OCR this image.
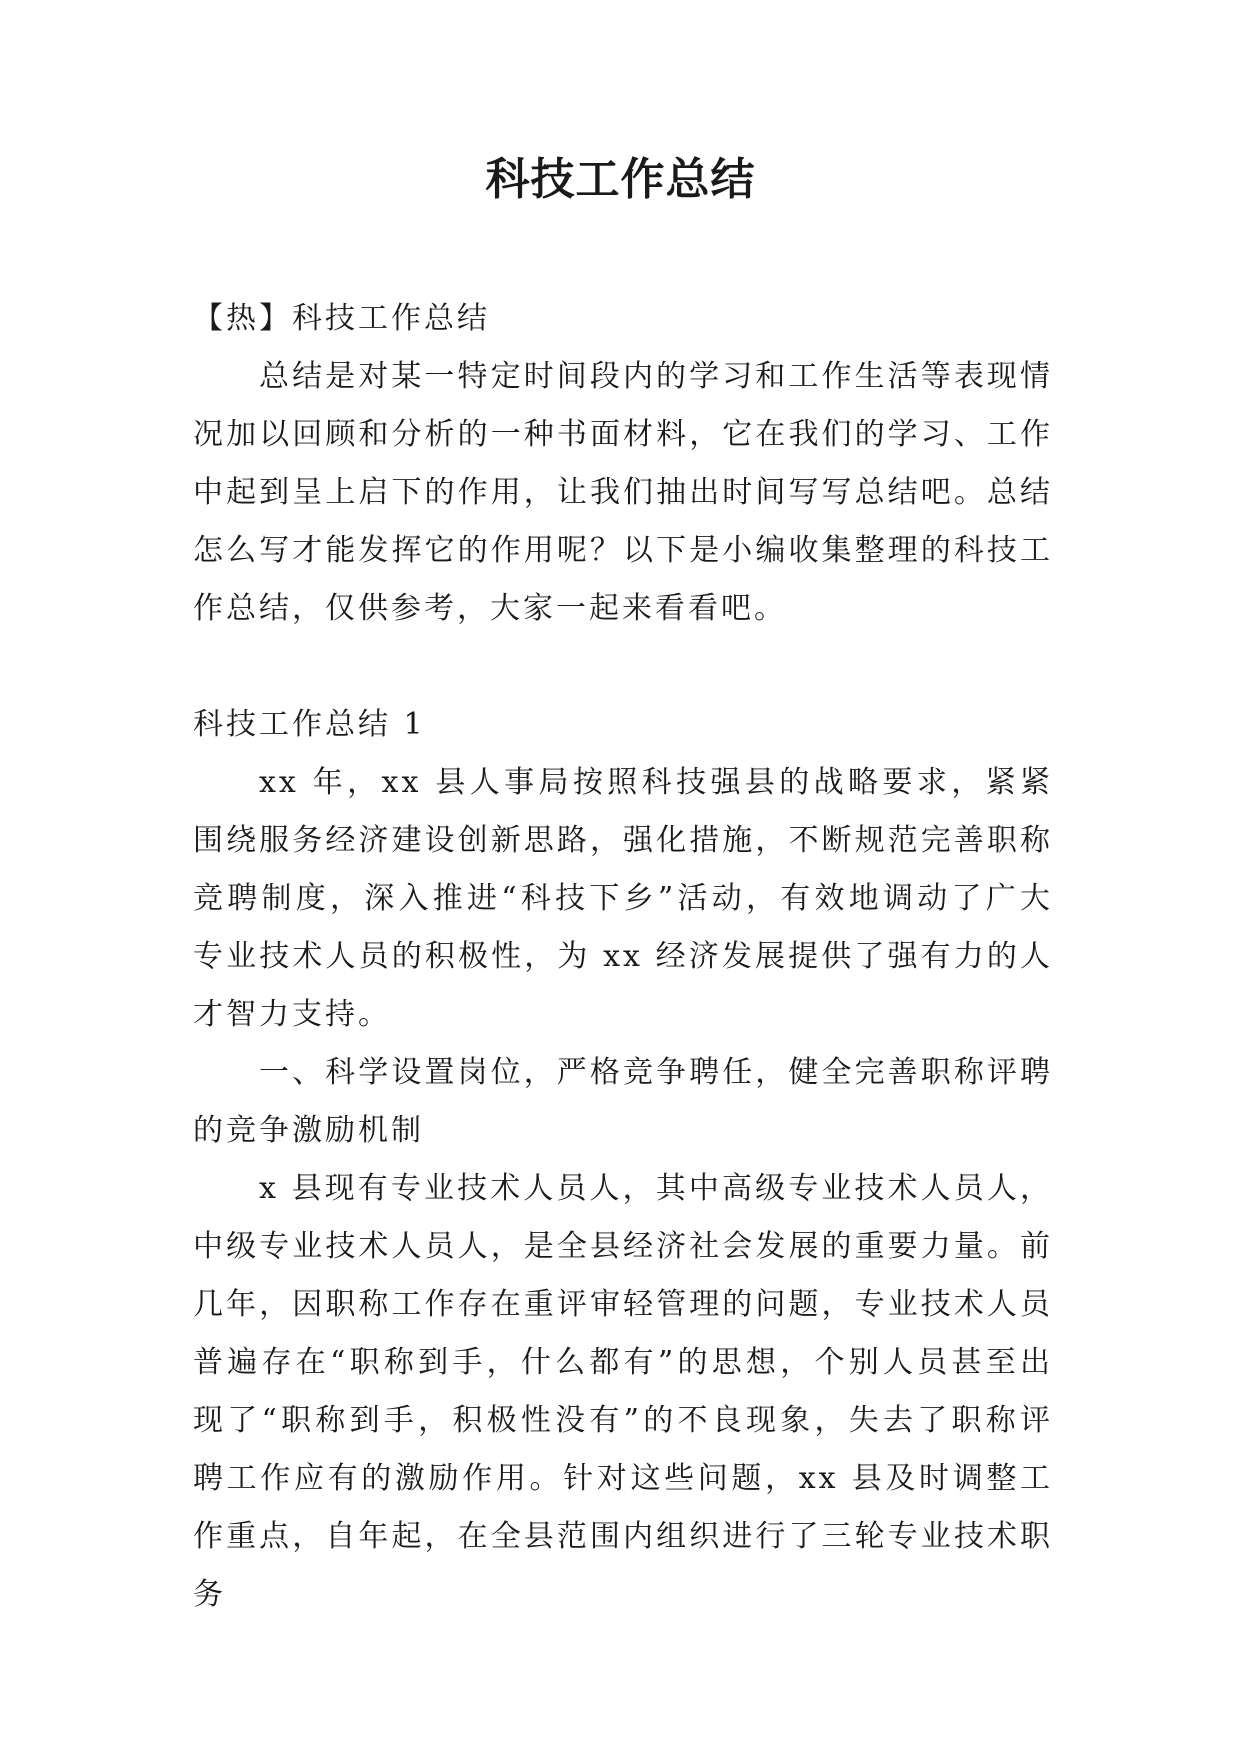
科技工作总结

【热】科技工作总结

总结是对某一特定时间段内的学习和工作生活等表现情况加以回顾和分析的一种书面材料，它在我们的学习、工作中起到呈上启下的作用，让我们抽出时间写写总结吧。总结怎么写才能发挥它的作用呢？以下是小编收集整理的科技工作总结，仅供参考，大家一起来看看吧。

科技工作总结 1

xx 年，xx 县人事局按照科技强县的战略要求，紧紧围绕服务经济建设创新思路，强化措施，不断规范完善职称竞聘制度，深入推进“科技下乡”活动，有效地调动了广大专业技术人员的积极性，为 xx 经济发展提供了强有力的人才智力支持。

一、科学设置岗位，严格竞争聘任，健全完善职称评聘的竞争激励机制

x 县现有专业技术人员人，其中高级专业技术人员人，中级专业技术人员人，是全县经济社会发展的重要力量。前几年，因职称工作存在重评审轻管理的问题，专业技术人员普遍存在“职称到手，什么都有”的思想，个别人员甚至出现了“职称到手，积极性没有”的不良现象，失去了职称评聘工作应有的激励作用。针对这些问题，xx 县及时调整工作重点，自年起，在全县范围内组织进行了三轮专业技术职务
